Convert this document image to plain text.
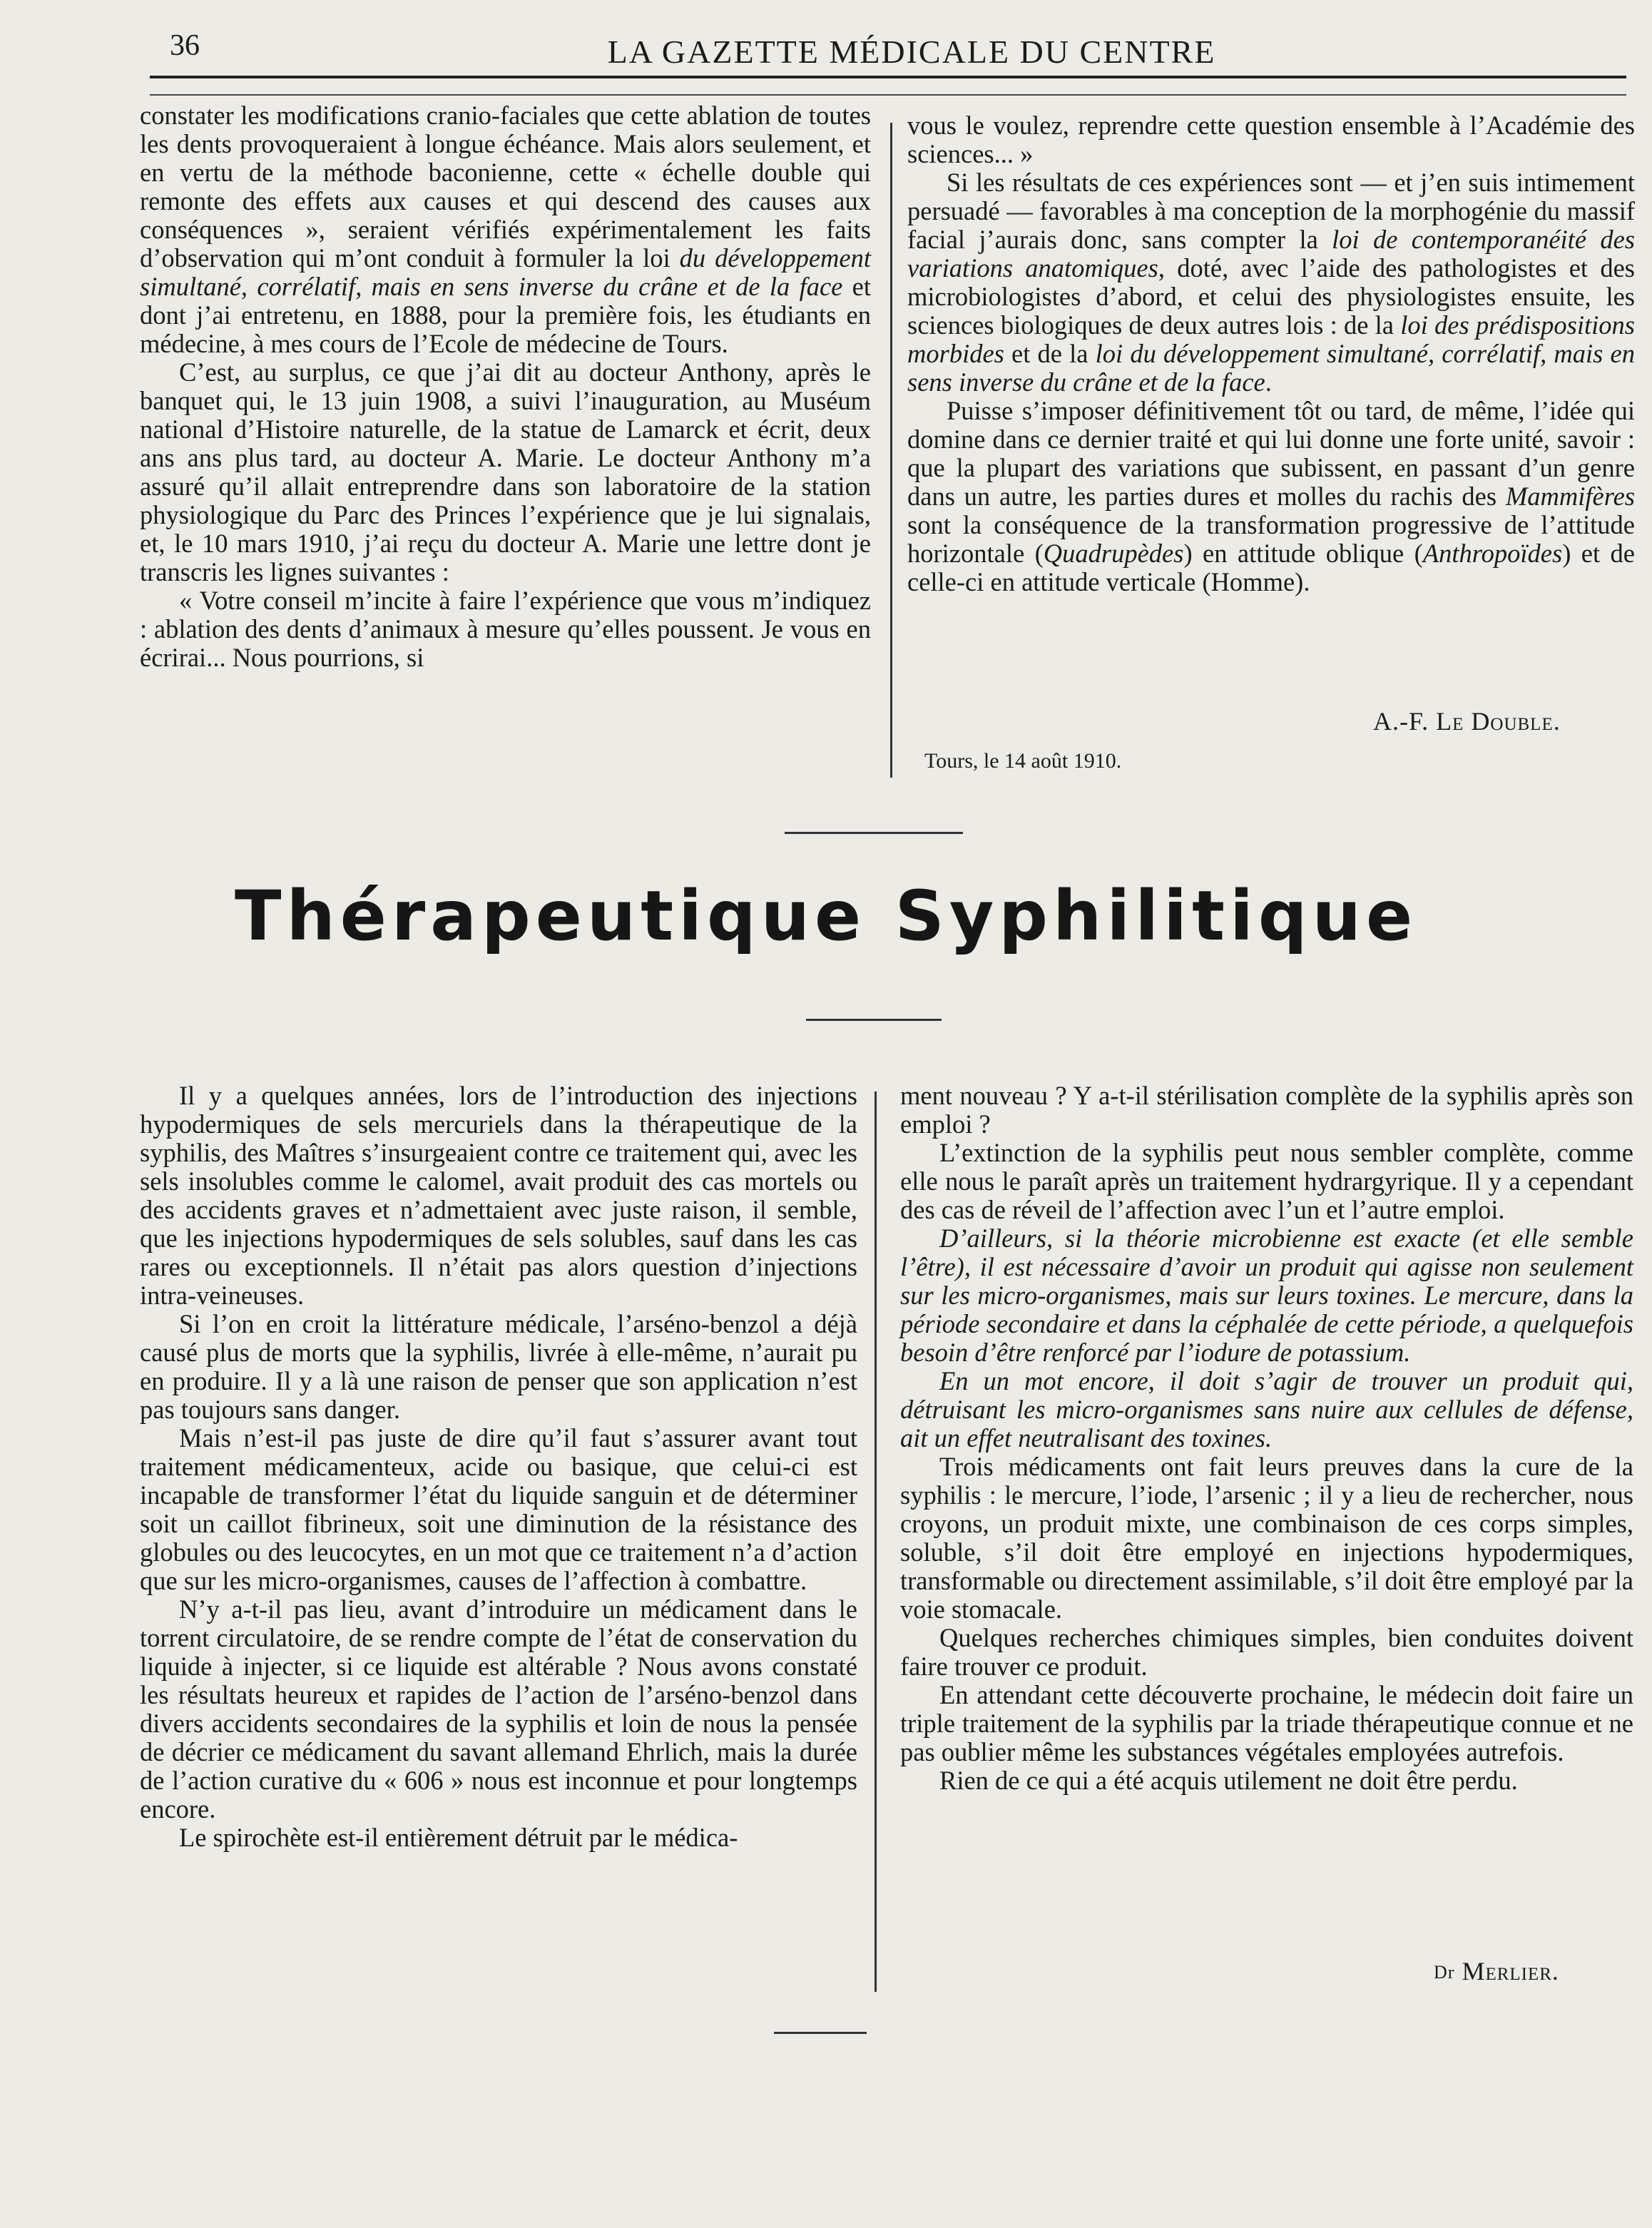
36	LA GAZETTE MÉDICALE DU CENTRE

constater les modifications cranio-faciales que cette ablation de toutes les dents provoqueraient à longue échéance. Mais alors seulement, et en vertu de la méthode baconienne, cette « échelle double qui remonte des effets aux causes et qui descend des causes aux conséquences », seraient vérifiés expérimentalement les faits d’observation qui m’ont conduit à formuler la loi du développement simultané, corrélatif, mais en sens inverse du crâne et de la face et dont j’ai entretenu, en 1888, pour la première fois, les étudiants en médecine, à mes cours de l’Ecole de médecine de Tours.

C’est, au surplus, ce que j’ai dit au docteur Anthony, après le banquet qui, le 13 juin 1908, a suivi l’inauguration, au Muséum national d’Histoire naturelle, de la statue de Lamarck et écrit, deux ans ans plus tard, au docteur A. Marie. Le docteur Anthony m’a assuré qu’il allait entreprendre dans son laboratoire de la station physiologique du Parc des Princes l’expérience que je lui signalais, et, le 10 mars 1910, j’ai reçu du docteur A. Marie une lettre dont je transcris les lignes suivantes :

« Votre conseil m’incite à faire l’expérience que vous m’indiquez : ablation des dents d’animaux à mesure qu’elles poussent. Je vous en écrirai... Nous pourrions, si

vous le voulez, reprendre cette question ensemble à l’Académie des sciences... »

Si les résultats de ces expériences sont — et j’en suis intimement persuadé — favorables à ma conception de la morphogénie du massif facial j’aurais donc, sans compter la loi de contemporanéité des variations anatomiques, doté, avec l’aide des pathologistes et des microbiologistes d’abord, et celui des physiologistes ensuite, les sciences biologiques de deux autres lois : de la loi des prédispositions morbides et de la loi du développement simultané, corrélatif, mais en sens inverse du crâne et de la face.

Puisse s’imposer définitivement tôt ou tard, de même, l’idée qui domine dans ce dernier traité et qui lui donne une forte unité, savoir : que la plupart des variations que subissent, en passant d’un genre dans un autre, les parties dures et molles du rachis des Mammifères sont la conséquence de la transformation progressive de l’attitude horizontale (Quadrupèdes) en attitude oblique (Anthropoïdes) et de celle-ci en attitude verticale (Homme).

A.-F. Le Double.
Tours, le 14 août 1910.
Thérapeutique Syphilitique

Il y a quelques années, lors de l’introduction des injections hypodermiques de sels mercuriels dans la thérapeutique de la syphilis, des Maîtres s’insurgeaient contre ce traitement qui, avec les sels insolubles comme le calomel, avait produit des cas mortels ou des accidents graves et n’admettaient avec juste raison, il semble, que les injections hypodermiques de sels solubles, sauf dans les cas rares ou exceptionnels. Il n’était pas alors question d’injections intra-veineuses.

Si l’on en croit la littérature médicale, l’arséno-benzol a déjà causé plus de morts que la syphilis, livrée à elle-même, n’aurait pu en produire. Il y a là une raison de penser que son application n’est pas toujours sans danger.

Mais n’est-il pas juste de dire qu’il faut s’assurer avant tout traitement médicamenteux, acide ou basique, que celui-ci est incapable de transformer l’état du liquide sanguin et de déterminer soit un caillot fibrineux, soit une diminution de la résistance des globules ou des leucocytes, en un mot que ce traitement n’a d’action que sur les micro-organismes, causes de l’affection à combattre.

N’y a-t-il pas lieu, avant d’introduire un médicament dans le torrent circulatoire, de se rendre compte de l’état de conservation du liquide à injecter, si ce liquide est altérable ? Nous avons constaté les résultats heureux et rapides de l’action de l’arséno-benzol dans divers accidents secondaires de la syphilis et loin de nous la pensée de décrier ce médicament du savant allemand Ehrlich, mais la durée de l’action curative du « 606 » nous est inconnue et pour longtemps encore.

Le spirochète est-il entièrement détruit par le médica-

ment nouveau ? Y a-t-il stérilisation complète de la syphilis après son emploi ?

L’extinction de la syphilis peut nous sembler complète, comme elle nous le paraît après un traitement hydrargyrique. Il y a cependant des cas de réveil de l’affection avec l’un et l’autre emploi.

D’ailleurs, si la théorie microbienne est exacte (et elle semble l’être), il est nécessaire d’avoir un produit qui agisse non seulement sur les micro-organismes, mais sur leurs toxines. Le mercure, dans la période secondaire et dans la céphalée de cette période, a quelquefois besoin d’être renforcé par l’iodure de potassium.

En un mot encore, il doit s’agir de trouver un produit qui, détruisant les micro-organismes sans nuire aux cellules de défense, ait un effet neutralisant des toxines.

Trois médicaments ont fait leurs preuves dans la cure de la syphilis : le mercure, l’iode, l’arsenic ; il y a lieu de rechercher, nous croyons, un produit mixte, une combinaison de ces corps simples, soluble, s’il doit être employé en injections hypodermiques, transformable ou directement assimilable, s’il doit être employé par la voie stomacale.

Quelques recherches chimiques simples, bien conduites doivent faire trouver ce produit.

En attendant cette découverte prochaine, le médecin doit faire un triple traitement de la syphilis par la triade thérapeutique connue et ne pas oublier même les substances végétales employées autrefois.

Rien de ce qui a été acquis utilement ne doit être perdu.

Dr Merlier.
